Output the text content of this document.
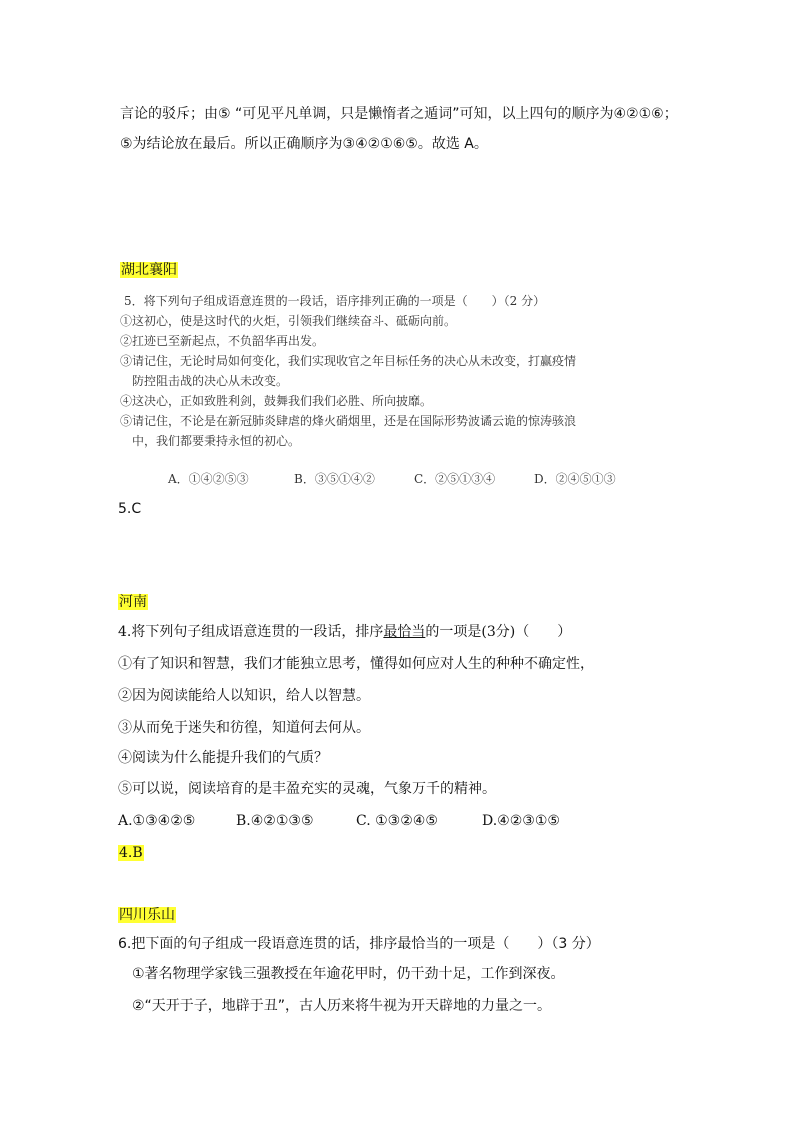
言论的驳斥；由⑤ “可见平凡单调，只是懒惰者之遁词”可知，以上四句的顺序为④②①⑥；
⑤为结论放在最后。所以正确顺序为③④②①⑥⑤。故选 A。
湖北襄阳
5．将下列句子组成语意连贯的一段话，语序排列正确的一项是（　　）（2 分）
①这初心，使是这时代的火炬，引领我们继续奋斗、砥砺向前。
②扛迹已至新起点，不负韶华再出发。
③请记住，无论时局如何变化，我们实现收官之年目标任务的决心从未改变，打赢疫情
　防控阻击战的决心从未改变。
④这决心，正如致胜利剑，鼓舞我们我们必胜、所向披靡。
⑤请记住，不论是在新冠肺炎肆虐的烽火硝烟里，还是在国际形势波谲云诡的惊涛骇浪
　中，我们都要秉持永恒的初心。
A．①④②⑤③	B．③⑤①④②	C．②⑤①③④	D．②④⑤①③
5.C
河南
4.将下列句子组成语意连贯的一段话，排序最恰当的一项是(3分)（　　）
①有了知识和智慧，我们才能独立思考，懂得如何应对人生的种种不确定性，
②因为阅读能给人以知识，给人以智慧。
③从而免于迷失和彷徨，知道何去何从。
④阅读为什么能提升我们的气质？
⑤可以说，阅读培育的是丰盈充实的灵魂，气象万千的精神。
A.①③④②⑤	B.④②①③⑤	C. ①③②④⑤	D.④②③①⑤
4.B
四川乐山
6.把下面的句子组成一段语意连贯的话，排序最恰当的一项是（　　）（3 分）
①著名物理学家钱三强教授在年逾花甲时，仍干劲十足，工作到深夜。
②“天开于子，地辟于丑”，古人历来将牛视为开天辟地的力量之一。
